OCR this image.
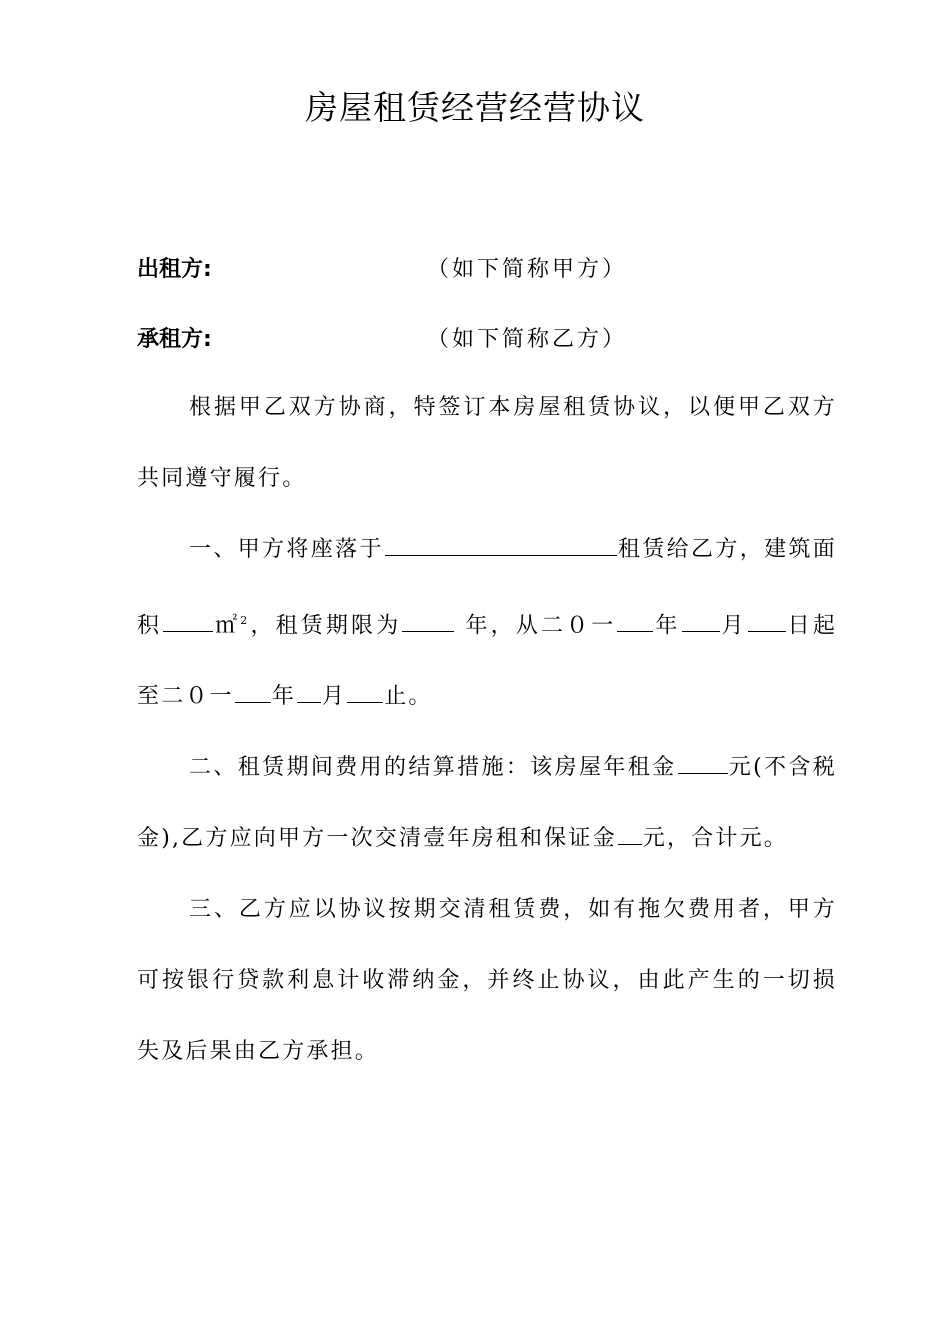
房屋租赁经营经营协议
出租方:	（如下简称甲方）
承租方:	（如下简称乙方）

根据甲乙双方协商，特签订本房屋租赁协议，以便甲乙双方共同遵守履行。

一、甲方将座落于	租赁给乙方，建筑面积 ㎡$^2$，租赁期限为 年，从二０一 年 月 日起至二０一 年 月 止。

二、租赁期间费用的结算措施：该房屋年租金 元(不含税金),乙方应向甲方一次交清壹年房租和保证金 元，合计元。

三、乙方应以协议按期交清租赁费，如有拖欠费用者，甲方可按银行贷款利息计收滞纳金，并终止协议，由此产生的一切损失及后果由乙方承担。
